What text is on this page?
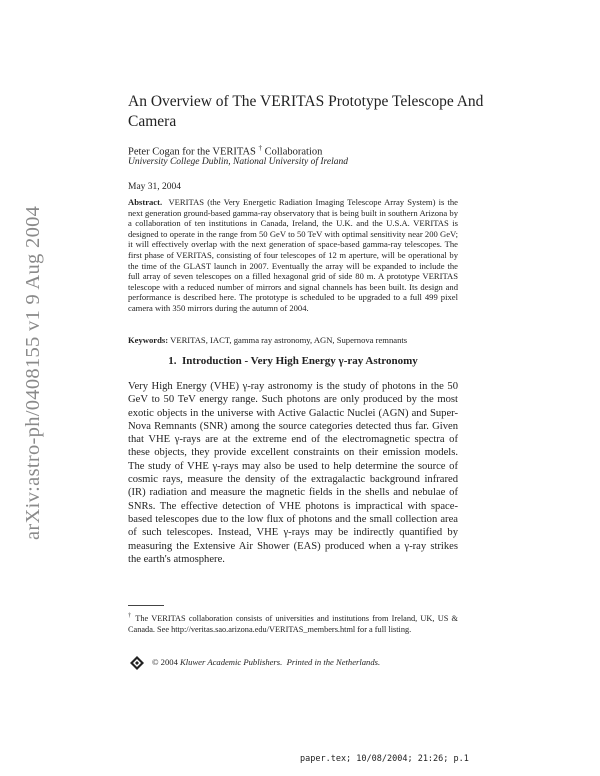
arXiv:astro-ph/0408155 v1 9 Aug 2004
An Overview of The VERITAS Prototype Telescope And Camera
Peter Cogan for the VERITAS † Collaboration
University College Dublin, National University of Ireland
May 31, 2004
Abstract. VERITAS (the Very Energetic Radiation Imaging Telescope Array System) is the next generation ground-based gamma-ray observatory that is being built in southern Arizona by a collaboration of ten institutions in Canada, Ireland, the U.K. and the U.S.A. VERITAS is designed to operate in the range from 50 GeV to 50 TeV with optimal sensitivity near 200 GeV; it will effectively overlap with the next generation of space-based gamma-ray telescopes. The first phase of VERITAS, consisting of four telescopes of 12 m aperture, will be operational by the time of the GLAST launch in 2007. Eventually the array will be expanded to include the full array of seven telescopes on a filled hexagonal grid of side 80 m. A prototype VERITAS telescope with a reduced number of mirrors and signal channels has been built. Its design and performance is described here. The prototype is scheduled to be upgraded to a full 499 pixel camera with 350 mirrors during the autumn of 2004.
Keywords: VERITAS, IACT, gamma ray astronomy, AGN, Supernova remnants
1. Introduction - Very High Energy γ-ray Astronomy
Very High Energy (VHE) γ-ray astronomy is the study of photons in the 50 GeV to 50 TeV energy range. Such photons are only produced by the most exotic objects in the universe with Active Galactic Nuclei (AGN) and Super-Nova Remnants (SNR) among the source categories detected thus far. Given that VHE γ-rays are at the extreme end of the electromagnetic spectra of these objects, they provide excellent constraints on their emission models. The study of VHE γ-rays may also be used to help determine the source of cosmic rays, measure the density of the extragalactic background infrared (IR) radiation and measure the magnetic fields in the shells and nebulae of SNRs. The effective detection of VHE photons is impractical with space-based telescopes due to the low flux of photons and the small collection area of such telescopes. Instead, VHE γ-rays may be indirectly quantified by measuring the Extensive Air Shower (EAS) produced when a γ-ray strikes the earth's atmosphere.
† The VERITAS collaboration consists of universities and institutions from Ireland, UK, US & Canada. See http://veritas.sao.arizona.edu/VERITAS_members.html for a full listing.
© 2004 Kluwer Academic Publishers. Printed in the Netherlands.
paper.tex; 10/08/2004; 21:26; p.1
